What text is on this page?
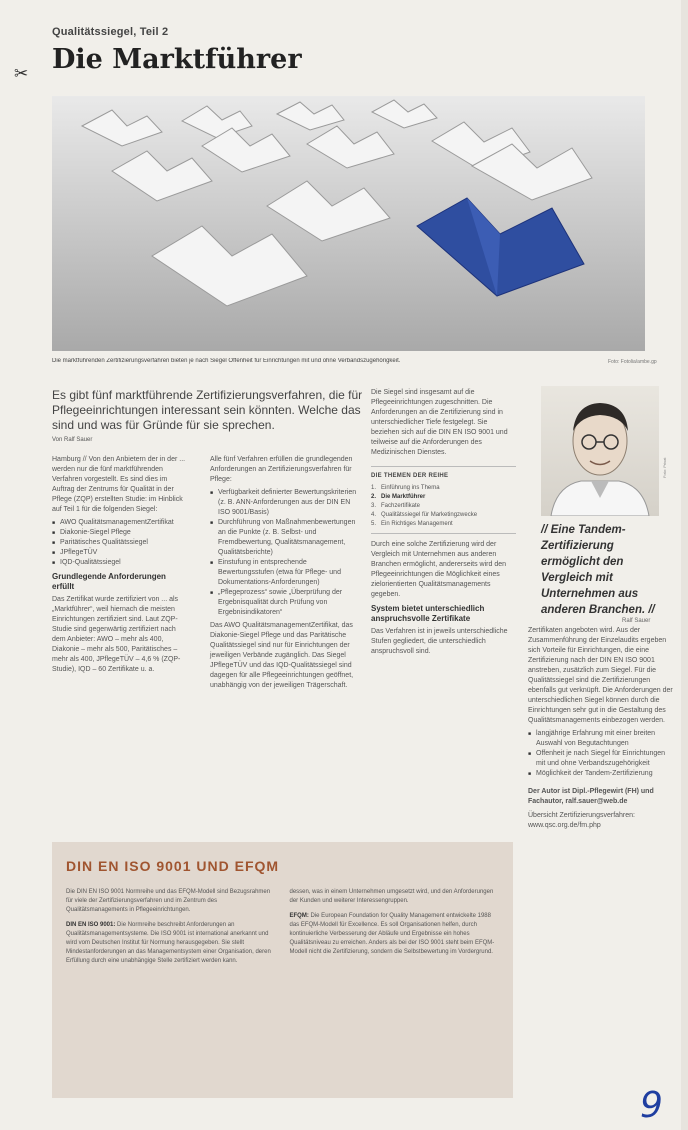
✂
Qualitätssiegel, Teil 2
Die Marktführer
Die marktführenden Zertifizierungsverfahren bieten je nach Siegel Offenheit für Einrichtungen mit und ohne Verbandszugehörigkeit.	Foto: Fotolia/ambe.gp

Es gibt fünf marktführende Zertifizierungsverfahren, die für Pflegeeinrichtungen interessant sein könnten. Welche das sind und was für Gründe für sie sprechen.

Von Ralf Sauer

Hamburg // Von den Anbietern der in der ... werden nur die fünf marktführenden Verfahren vorgestellt. Es sind dies im Auftrag der Zentrums für Qualität in der Pflege (ZQP) erstellten Studie: im Hinblick auf Teil 1 für die folgenden Siegel:

■ AWO QualitätsmanagementZertifikat
■ Diakonie-Siegel Pflege
■ Paritätisches Qualitätssiegel
■ JPflegeTÜV
■ IQD-Qualitätssiegel
Grundlegende Anforderungen erfüllt

Das Zertifikat wurde zertifiziert von ... als „Marktführer“, weil hiernach die meisten Einrichtungen zertifiziert sind. Laut ZQP-Studie sind gegenwärtig zertifiziert nach dem Anbieter: AWO – mehr als 400, Diakonie – mehr als 500, Paritätisches – mehr als 400, JPflegeTÜV – 4,6 % (ZQP-Studie), IQD – 60 Zertifikate u. a.

Alle fünf Verfahren erfüllen die grundlegenden Anforderungen an Zertifizierungsverfahren für Pflege:

■ Verfügbarkeit definierter Bewertungskriterien (z. B. ANN-Anforderungen aus der DIN EN ISO 9001/Basis)
■ Durchführung von Maßnahmenbewertungen an die Punkte (z. B. Selbst- und Fremdbewertung, Qualitätsmanagement, Qualitätsberichte)
■ Einstufung in entsprechende Bewertungsstufen (etwa für Pflege- und Dokumentations-Anforderungen)
■ „Pflegeprozess“ sowie „Überprüfung der Ergebnisqualität durch Prüfung von Ergebnisindikatoren“

Das AWO QualitätsmanagementZertifikat, das Diakonie-Siegel Pflege und das Paritätische Qualitätssiegel sind nur für Einrichtungen der jeweiligen Verbände zugänglich. Das Siegel JPflegeTÜV und das IQD-Qualitätssiegel sind dagegen für alle Pflegeeinrichtungen geöffnet, unabhängig von der jeweiligen Trägerschaft.

Die Siegel sind insgesamt auf die Pflegeeinrichtungen zugeschnitten. Die Anforderungen an die Zertifizierung sind in unterschiedlicher Tiefe festgelegt. Sie beziehen sich auf die DIN EN ISO 9001 und teilweise auf die Anforderungen des Medizinischen Dienstes.

DIE THEMEN DER REIHE
1. Einführung ins Thema
2. Die Marktführer
3. Fachzertifikate
4. Qualitätssiegel für Marketingzwecke
5. Ein Richtiges Management

Durch eine solche Zertifizierung wird der Vergleich mit Unternehmen aus anderen Branchen ermöglicht, andererseits wird den Pflegeeinrichtungen die Möglichkeit eines zielorientierten Qualitätsmanagements gegeben.

System bietet unterschiedlich anspruchsvolle Zertifikate

Das Verfahren ist in jeweils unterschiedliche Stufen gegliedert, die unterschiedlich anspruchsvoll sind.

Foto: Privat
// Eine Tandem-Zertifizierung ermöglicht den Vergleich mit Unternehmen aus anderen Branchen. //
Ralf Sauer

Zertifikaten angeboten wird. Aus der Zusammenführung der Einzelaudits ergeben sich Vorteile für Einrichtungen, die eine Zertifizierung nach der DIN EN ISO 9001 anstreben, zusätzlich zum Siegel. Für die Qualitätssiegel sind die Zertifizierungen ebenfalls gut verknüpft. Die Anforderungen der unterschiedlichen Siegel können durch die Einrichtungen sehr gut in die Gestaltung des Qualitätsmanagements einbezogen werden.

■ langjährige Erfahrung mit einer breiten Auswahl von Begutachtungen
■ Offenheit je nach Siegel für Einrichtungen mit und ohne Verbandszugehörigkeit
■ Möglichkeit der Tandem-Zertifizierung

Der Autor ist Dipl.-Pflegewirt (FH) und Fachautor, ralf.sauer@web.de

Übersicht Zertifizierungsverfahren: www.qsc.org.de/fm.php

DIN EN ISO 9001 UND EFQM

Die DIN EN ISO 9001 Normreihe und das EFQM-Modell sind Bezugsrahmen für viele der Zertifizierungsverfahren und im Zentrum des Qualitätsmanagements in Pflegeeinrichtungen.

DIN EN ISO 9001: Die Normreihe beschreibt Anforderungen an Qualitätsmanagementsysteme. Die ISO 9001 ist international anerkannt und wird vom Deutschen Institut für Normung herausgegeben. Sie stellt Mindestanforderungen an das Managementsystem einer Organisation, deren Erfüllung durch eine unabhängige Stelle zertifiziert werden kann.

dessen, was in einem Unternehmen umgesetzt wird, und den Anforderungen der Kunden und weiterer Interessengruppen.

EFQM: Die European Foundation for Quality Management entwickelte 1988 das EFQM-Modell für Excellence. Es soll Organisationen helfen, durch kontinuierliche Verbesserung der Abläufe und Ergebnisse ein hohes Qualitätsniveau zu erreichen. Anders als bei der ISO 9001 steht beim EFQM-Modell nicht die Zertifizierung, sondern die Selbstbewertung im Vordergrund.

9
